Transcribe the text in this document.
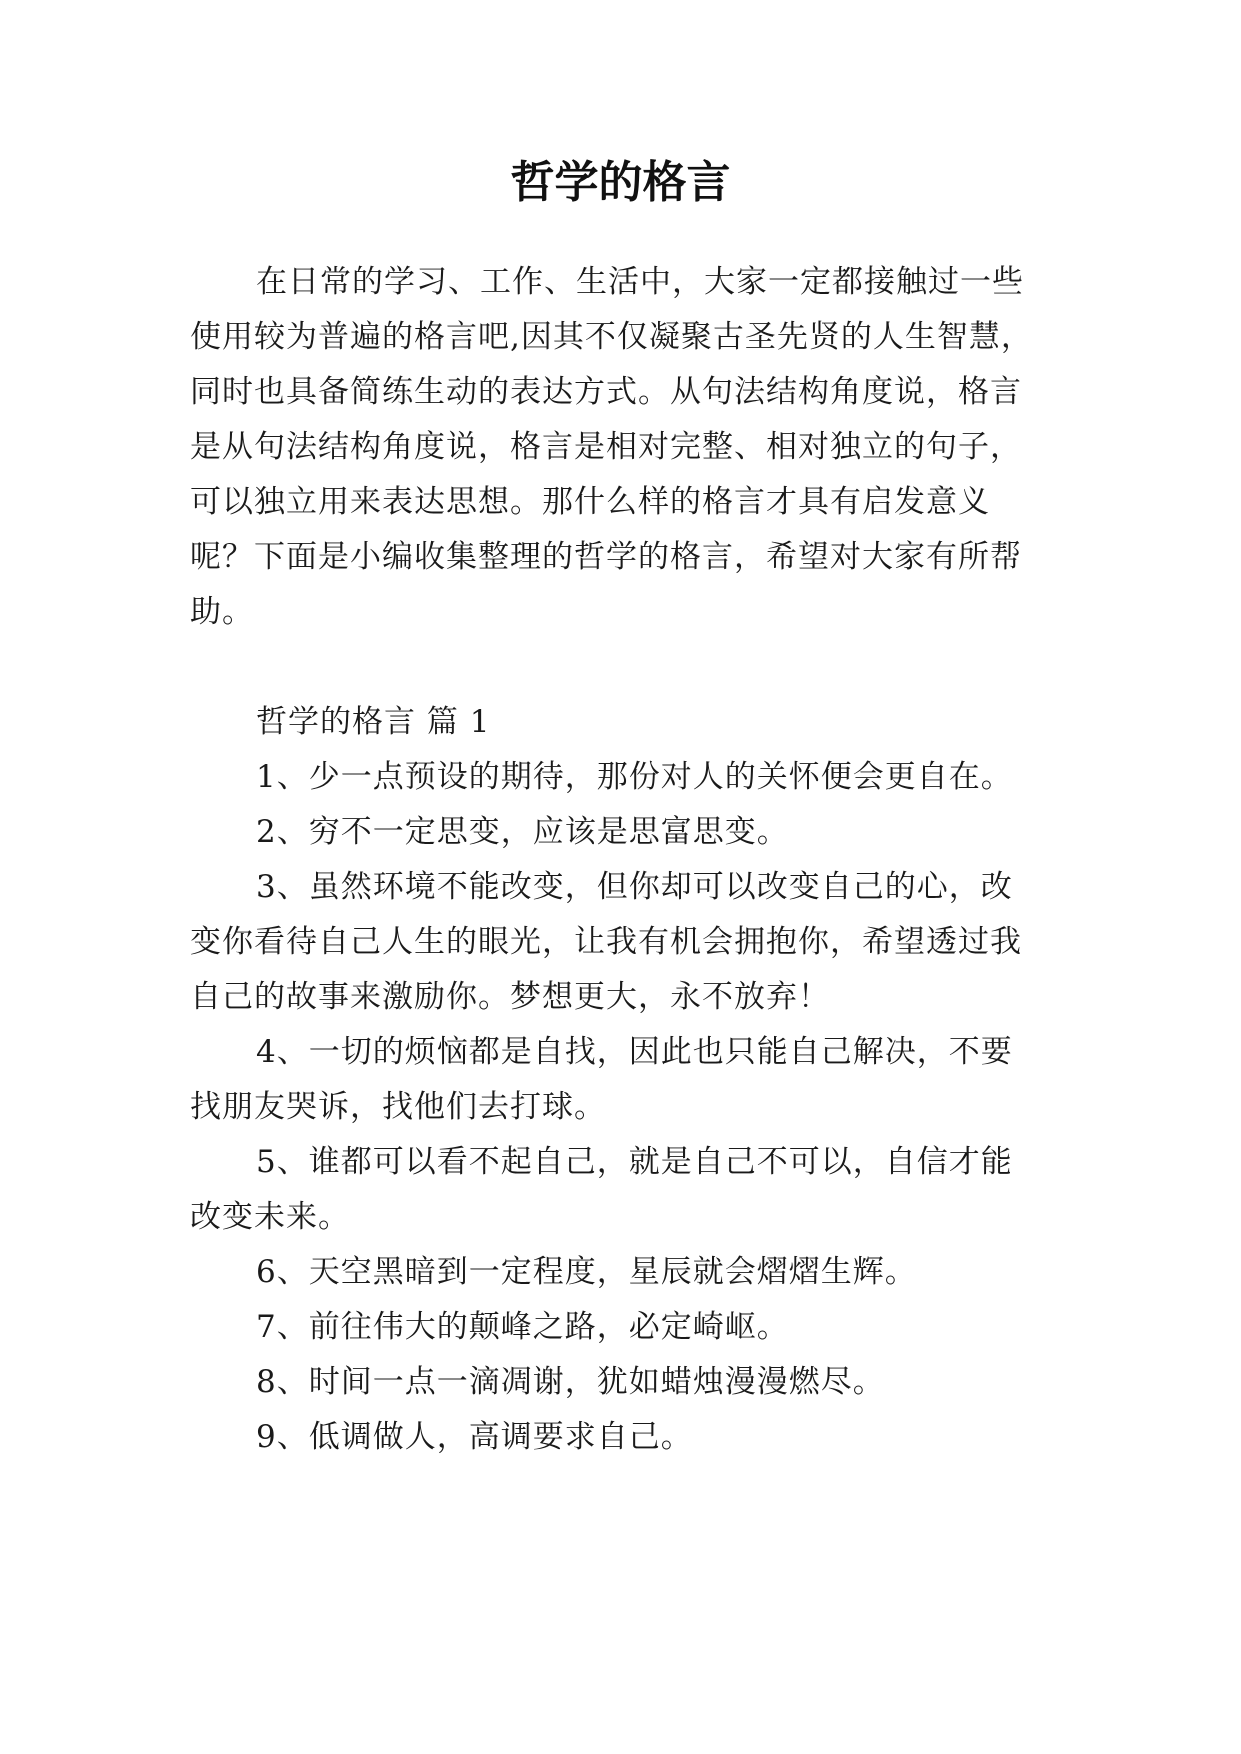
哲学的格言
在日常的学习、工作、生活中，大家一定都接触过一些
使用较为普遍的格言吧,因其不仅凝聚古圣先贤的人生智慧，
同时也具备简练生动的表达方式。从句法结构角度说，格言
是从句法结构角度说，格言是相对完整、相对独立的句子，
可以独立用来表达思想。那什么样的格言才具有启发意义
呢？下面是小编收集整理的哲学的格言，希望对大家有所帮
助。
哲学的格言 篇 1
1、少一点预设的期待，那份对人的关怀便会更自在。
2、穷不一定思变，应该是思富思变。
3、虽然环境不能改变，但你却可以改变自己的心，改
变你看待自己人生的眼光，让我有机会拥抱你，希望透过我
自己的故事来激励你。梦想更大，永不放弃！
4、一切的烦恼都是自找，因此也只能自己解决，不要
找朋友哭诉，找他们去打球。
5、谁都可以看不起自己，就是自己不可以，自信才能
改变未来。
6、天空黑暗到一定程度，星辰就会熠熠生辉。
7、前往伟大的颠峰之路，必定崎岖。
8、时间一点一滴凋谢，犹如蜡烛漫漫燃尽。
9、低调做人，高调要求自己。
